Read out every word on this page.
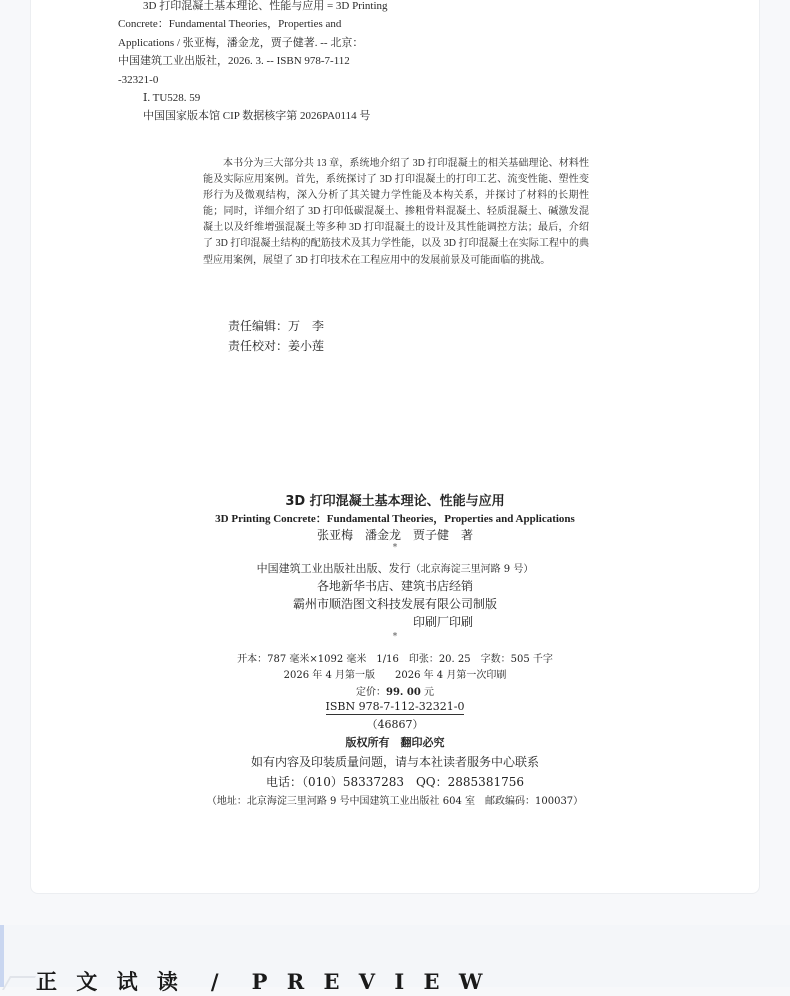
3D 打印混凝土基本理论、性能与应用 = 3D Printing
Concrete：Fundamental Theories，Properties and
Applications / 张亚梅，潘金龙，贾子健著. -- 北京：
中国建筑工业出版社，2026. 3. -- ISBN 978-7-112
-32321-0
Ⅰ. TU528. 59
中国国家版本馆 CIP 数据核字第 2026PA0114 号
本书分为三大部分共 13 章，系统地介绍了 3D 打印混凝土的相关基础理论、材料性能及实际应用案例。首先，系统探讨了 3D 打印混凝土的打印工艺、流变性能、塑性变形行为及微观结构，深入分析了其关键力学性能及本构关系，并探讨了材料的长期性能；同时，详细介绍了 3D 打印低碳混凝土、掺粗骨料混凝土、轻质混凝土、碱激发混凝土以及纤维增强混凝土等多种 3D 打印混凝土的设计及其性能调控方法；最后，介绍了 3D 打印混凝土结构的配筋技术及其力学性能，以及 3D 打印混凝土在实际工程中的典型应用案例，展望了 3D 打印技术在工程应用中的发展前景及可能面临的挑战。
责任编辑：万　李
责任校对：姜小莲
3D 打印混凝土基本理论、性能与应用
3D Printing Concrete：Fundamental Theories，Properties and Applications
张亚梅　潘金龙　贾子健　著
*
中国建筑工业出版社出版、发行（北京海淀三里河路 9 号）
各地新华书店、建筑书店经销
霸州市顺浩图文科技发展有限公司制版
印刷厂印刷
*
开本：787 毫米×1092 毫米　1/16　印张：20. 25　字数：505 千字
2026 年 4 月第一版　　2026 年 4 月第一次印刷
定价：99. 00 元
ISBN 978-7-112-32321-0
（46867）
版权所有　翻印必究
如有内容及印装质量问题，请与本社读者服务中心联系
电话：（010）58337283　QQ：2885381756
（地址：北京海淀三里河路 9 号中国建筑工业出版社 604 室　邮政编码：100037）
正 文 试 读　/　P R E V I E W
